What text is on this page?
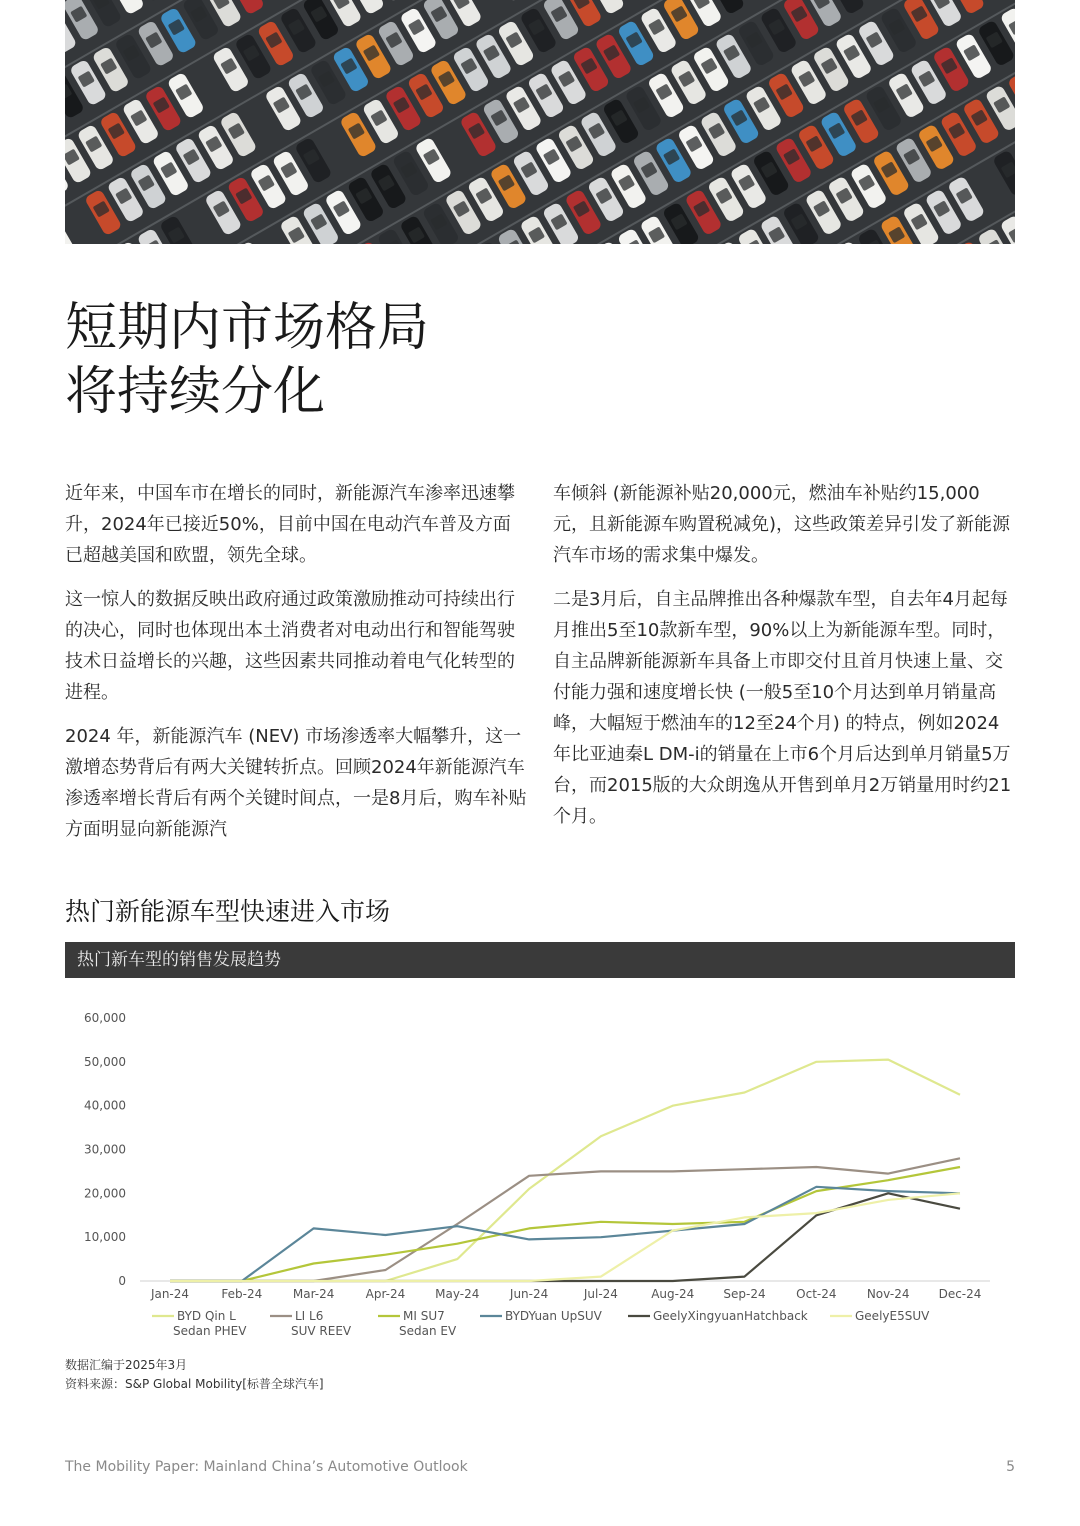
短期内市场格局
将持续分化

近年来，中国车市在增长的同时，新能源汽车渗率迅速攀升，2024年已接近50%，目前中国在电动汽车普及方面已超越美国和欧盟，领先全球。

这一惊人的数据反映出政府通过政策激励推动可持续出行的决心，同时也体现出本土消费者对电动出行和智能驾驶技术日益增长的兴趣，这些因素共同推动着电气化转型的进程。

2024 年，新能源汽车 (NEV) 市场渗透率大幅攀升，这一激增态势背后有两大关键转折点。回顾2024年新能源汽车渗透率增长背后有两个关键时间点，一是8月后，购车补贴方面明显向新能源汽

车倾斜 (新能源补贴20,000元，燃油车补贴约15,000元，且新能源车购置税减免)，这些政策差异引发了新能源汽车市场的需求集中爆发。

二是3月后，自主品牌推出各种爆款车型，自去年4月起每月推出5至10款新车型，90%以上为新能源车型。同时，自主品牌新能源新车具备上市即交付且首月快速上量、交付能力强和速度增长快 (一般5至10个月达到单月销量高峰，大幅短于燃油车的12至24个月) 的特点，例如2024年比亚迪秦L DM-i的销量在上市6个月后达到单月销量5万台，而2015版的大众朗逸从开售到单月2万销量用时约21个月。

热门新能源车型快速进入市场
热门新车型的销售发展趋势
0
10,000
20,000
30,000
40,000
50,000
60,000
Jan-24	Feb-24	Mar-24	Apr-24 May-24	Jun-24	Jul-24	Aug-24 Sep-24	Oct-24	Nov-24 Dec-24
BYD Qin L
Sedan PHEV
LI L6
SUV REEV
MI SU7
Sedan EV
BYDYuan UpSUV	GeelyXingyuanHatchback	GeelyE5SUV
数据汇编于2025年3月
资料来源：S&P Global Mobility[标普全球汽车]
The Mobility Paper: Mainland China’s Automotive Outlook	5
